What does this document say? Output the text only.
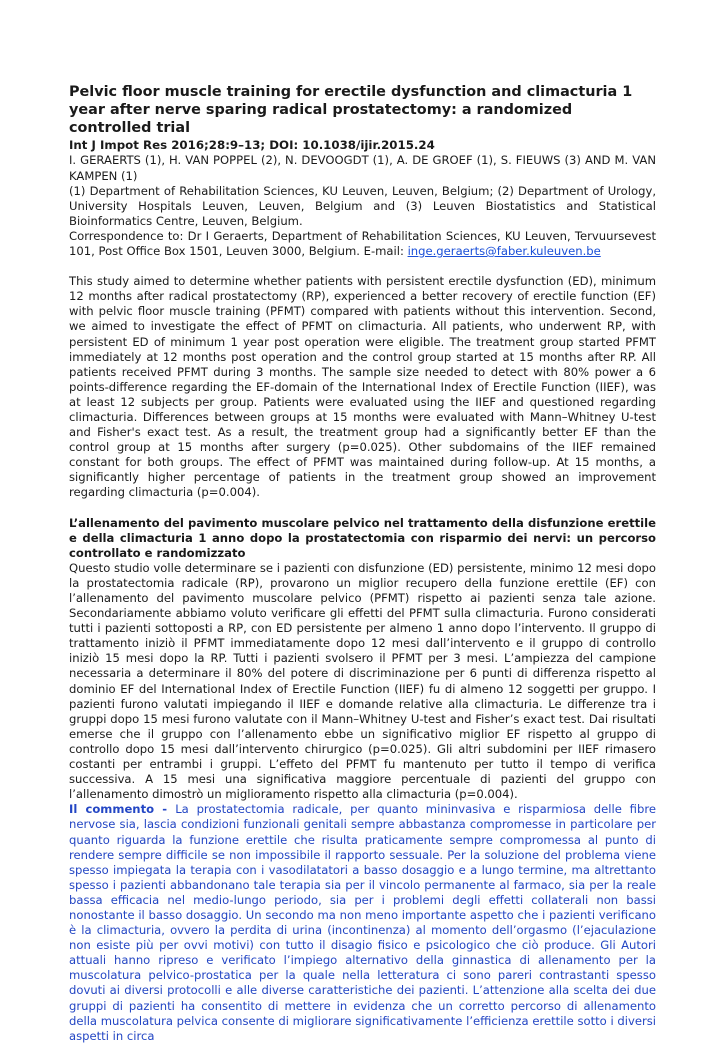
Pelvic floor muscle training for erectile dysfunction and climacturia 1 year after nerve sparing radical prostatectomy: a randomized controlled trial

Int J Impot Res 2016;28:9–13; DOI: 10.1038/ijir.2015.24

I. GERAERTS (1), H. VAN POPPEL (2), N. DEVOOGDT (1), A. DE GROEF (1), S. FIEUWS (3) AND M. VAN KAMPEN (1)

(1) Department of Rehabilitation Sciences, KU Leuven, Leuven, Belgium; (2) Department of Urology, University Hospitals Leuven, Leuven, Belgium and (3) Leuven Biostatistics and Statistical Bioinformatics Centre, Leuven, Belgium.

Correspondence to: Dr I Geraerts, Department of Rehabilitation Sciences, KU Leuven, Tervuursevest 101, Post Office Box 1501, Leuven 3000, Belgium. E-mail: inge.geraerts@faber.kuleuven.be

This study aimed to determine whether patients with persistent erectile dysfunction (ED), minimum 12 months after radical prostatectomy (RP), experienced a better recovery of erectile function (EF) with pelvic floor muscle training (PFMT) compared with patients without this intervention. Second, we aimed to investigate the effect of PFMT on climacturia. All patients, who underwent RP, with persistent ED of minimum 1 year post operation were eligible. The treatment group started PFMT immediately at 12 months post operation and the control group started at 15 months after RP. All patients received PFMT during 3 months. The sample size needed to detect with 80% power a 6 points-difference regarding the EF-domain of the International Index of Erectile Function (IIEF), was at least 12 subjects per group. Patients were evaluated using the IIEF and questioned regarding climacturia. Differences between groups at 15 months were evaluated with Mann–Whitney U-test and Fisher's exact test. As a result, the treatment group had a significantly better EF than the control group at 15 months after surgery (p=0.025). Other subdomains of the IIEF remained constant for both groups. The effect of PFMT was maintained during follow-up. At 15 months, a significantly higher percentage of patients in the treatment group showed an improvement regarding climacturia (p=0.004).

L’allenamento del pavimento muscolare pelvico nel trattamento della disfunzione erettile e della climacturia 1 anno dopo la prostatectomia con risparmio dei nervi: un percorso controllato e randomizzato

Questo studio volle determinare se i pazienti con disfunzione (ED) persistente, minimo 12 mesi dopo la prostatectomia radicale (RP), provarono un miglior recupero della funzione erettile (EF) con l’allenamento del pavimento muscolare pelvico (PFMT) rispetto ai pazienti senza tale azione. Secondariamente abbiamo voluto verificare gli effetti del PFMT sulla climacturia. Furono considerati tutti i pazienti sottoposti a RP, con ED persistente per almeno 1 anno dopo l’intervento. Il gruppo di trattamento iniziò il PFMT immediatamente dopo 12 mesi dall’intervento e il gruppo di controllo iniziò 15 mesi dopo la RP. Tutti i pazienti svolsero il PFMT per 3 mesi. L’ampiezza del campione necessaria a determinare il 80% del potere di discriminazione per 6 punti di differenza rispetto al dominio EF del International Index of Erectile Function (IIEF) fu di almeno 12 soggetti per gruppo. I pazienti furono valutati impiegando il IIEF e domande relative alla climacturia. Le differenze tra i gruppi dopo 15 mesi furono valutate con il Mann–Whitney U-test and Fisher’s exact test. Dai risultati emerse che il gruppo con l’allenamento ebbe un significativo miglior EF rispetto al gruppo di controllo dopo 15 mesi dall’intervento chirurgico (p=0.025). Gli altri subdomini per IIEF rimasero costanti per entrambi i gruppi. L’effeto del PFMT fu mantenuto per tutto il tempo di verifica successiva. A 15 mesi una significativa maggiore percentuale di pazienti del gruppo con l’allenamento dimostrò un miglioramento rispetto alla climacturia (p=0.004).

Il commento - La prostatectomia radicale, per quanto mininvasiva e risparmiosa delle fibre nervose sia, lascia condizioni funzionali genitali sempre abbastanza compromesse in particolare per quanto riguarda la funzione erettile che risulta praticamente sempre compromessa al punto di rendere sempre difficile se non impossibile il rapporto sessuale. Per la soluzione del problema viene spesso impiegata la terapia con i vasodilatatori a basso dosaggio e a lungo termine, ma altrettanto spesso i pazienti abbandonano tale terapia sia per il vincolo permanente al farmaco, sia per la reale bassa efficacia nel medio-lungo periodo, sia per i problemi degli effetti collaterali non bassi nonostante il basso dosaggio. Un secondo ma non meno importante aspetto che i pazienti verificano è la climacturia, ovvero la perdita di urina (incontinenza) al momento dell’orgasmo (l’ejaculazione non esiste più per ovvi motivi) con tutto il disagio fisico e psicologico che ciò produce. Gli Autori attuali hanno ripreso e verificato l’impiego alternativo della ginnastica di allenamento per la muscolatura pelvico-prostatica per la quale nella letteratura ci sono pareri contrastanti spesso dovuti ai diversi protocolli e alle diverse caratteristiche dei pazienti. L’attenzione alla scelta dei due gruppi di pazienti ha consentito di mettere in evidenza che un corretto percorso di allenamento della muscolatura pelvica consente di migliorare significativamente l’efficienza erettile sotto i diversi aspetti in circa
